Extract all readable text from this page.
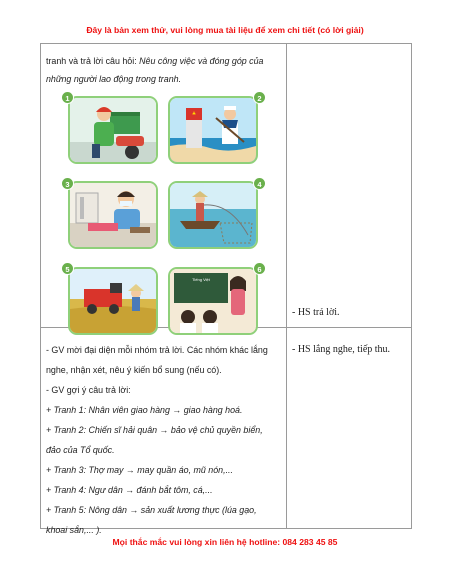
Đây là bản xem thử, vui lòng mua tài liệu để xem chi tiết (có lời giải)
tranh và trả lời câu hỏi: Nêu công việc và đóng góp của
những người lao động trong tranh.
1	2
3	4
5
Tiếng Việt
6
- HS trả lời.
- HS lắng nghe, tiếp thu.
- GV mời đại diện mỗi nhóm trả lời. Các nhóm khác lắng
nghe, nhận xét, nêu ý kiến bổ sung (nếu có).
- GV gợi ý câu trả lời:
+ Tranh 1: Nhân viên giao hàng → giao hàng hoá.
+ Tranh 2: Chiến sĩ hải quân → bảo vệ chủ quyền biển,
đảo của Tổ quốc.
+ Tranh 3: Thợ may → may quần áo, mũ nón,...
+ Tranh 4: Ngư dân → đánh bắt tôm, cá,...
+ Tranh 5: Nông dân → sản xuất lương thực (lúa gạo,
khoai sắn,... ).
Mọi thắc mắc vui lòng xin liên hệ hotline: 084 283 45 85
